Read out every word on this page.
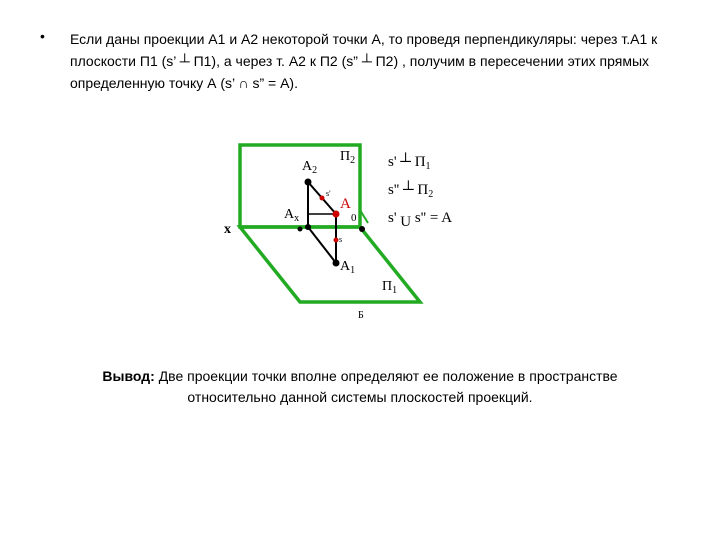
• Если даны проекции А1 и А2 некоторой точки А, то проведя перпендикуляры: через т.А1 к плоскости П1 (s’ ┴ П1), а через т. А2 к П2 (s” ┴ П2) , получим в пересечении этих прямых определенную точку А (s’ ∩ s” = А).
$A_2$
$П_2$
A
$A_x$
x
0
$A_1$
$П_1$
s'
s
Б
s' ┴ $П_1$
s'' ┴ $П_2$
s' U s'' = A
Вывод: Две проекции точки вполне определяют ее положение в пространстве
относительно данной системы плоскостей проекций.
